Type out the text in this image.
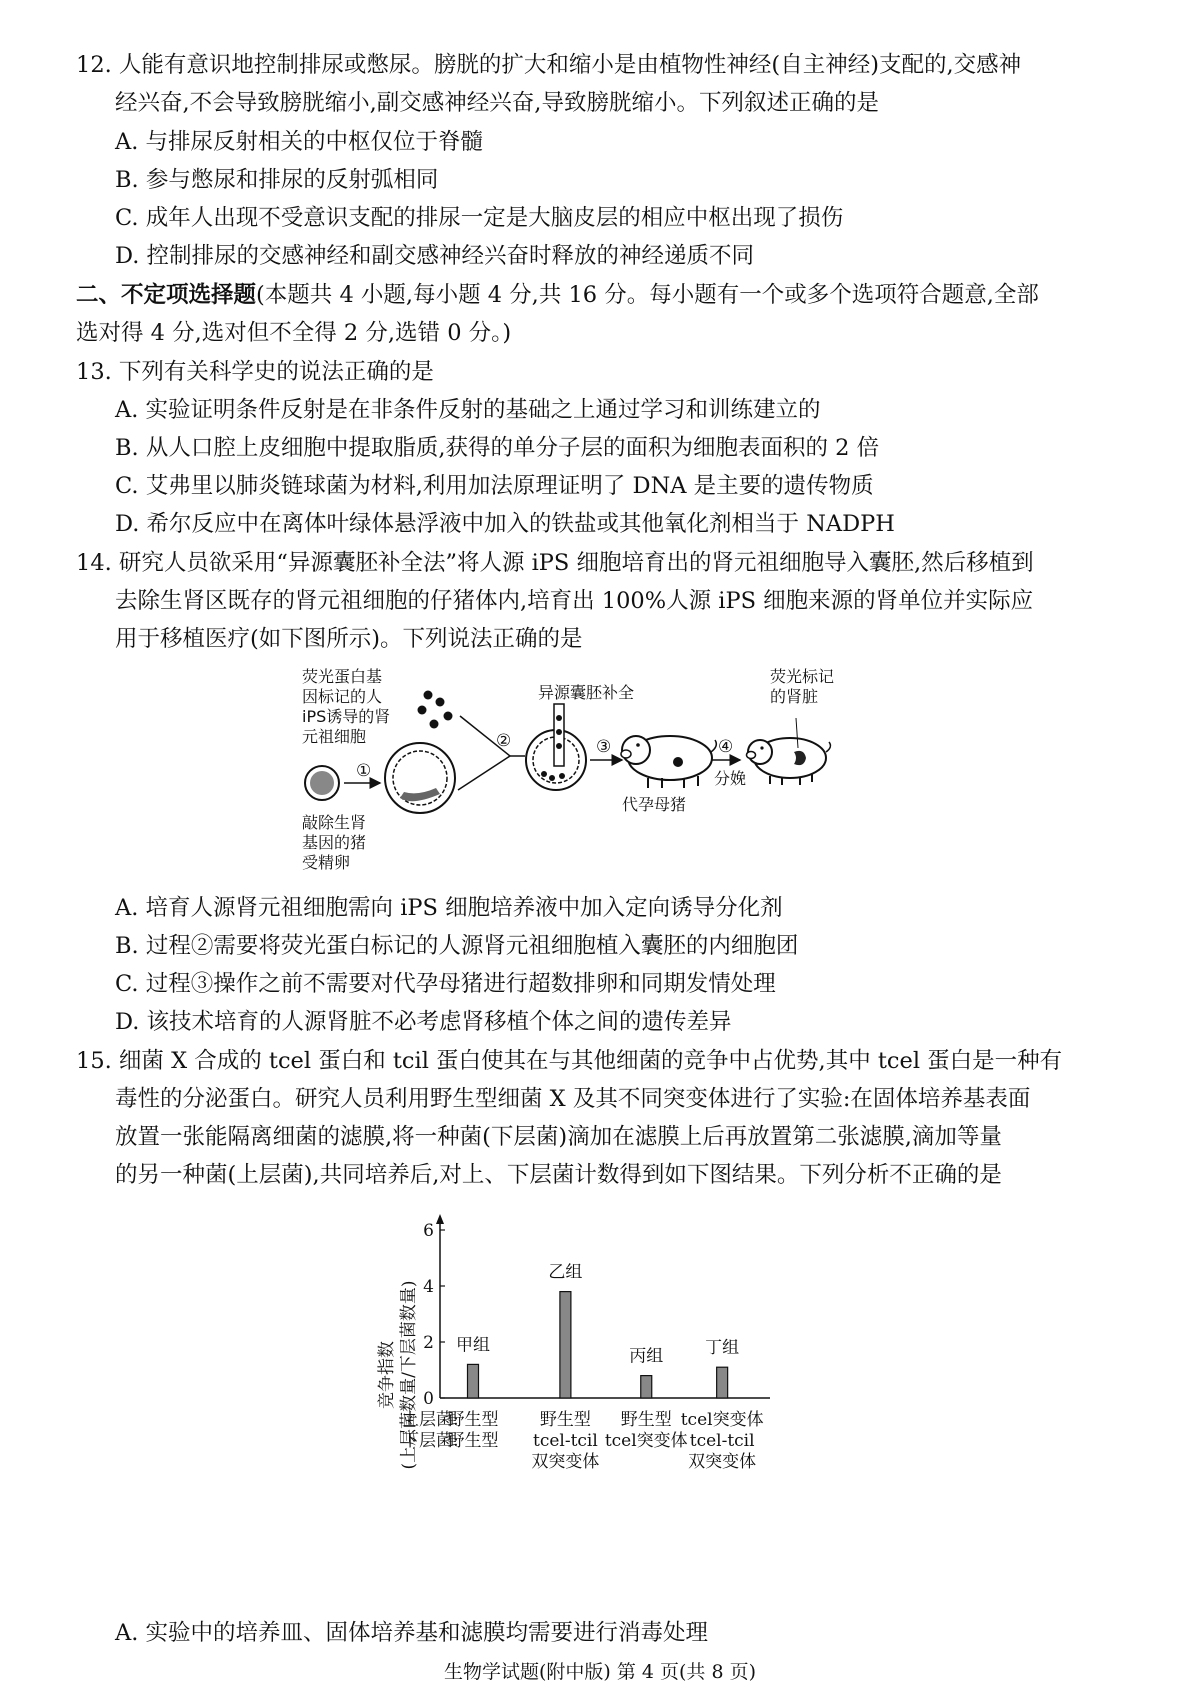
12. 人能有意识地控制排尿或憋尿。膀胱的扩大和缩小是由植物性神经(自主神经)支配的,交感神
经兴奋,不会导致膀胱缩小,副交感神经兴奋,导致膀胱缩小。下列叙述正确的是
A. 与排尿反射相关的中枢仅位于脊髓
B. 参与憋尿和排尿的反射弧相同
C. 成年人出现不受意识支配的排尿一定是大脑皮层的相应中枢出现了损伤
D. 控制排尿的交感神经和副交感神经兴奋时释放的神经递质不同
二、不定项选择题(本题共 4 小题,每小题 4 分,共 16 分。每小题有一个或多个选项符合题意,全部
选对得 4 分,选对但不全得 2 分,选错 0 分。)
13. 下列有关科学史的说法正确的是
A. 实验证明条件反射是在非条件反射的基础之上通过学习和训练建立的
B. 从人口腔上皮细胞中提取脂质,获得的单分子层的面积为细胞表面积的 2 倍
C. 艾弗里以肺炎链球菌为材料,利用加法原理证明了 DNA 是主要的遗传物质
D. 希尔反应中在离体叶绿体悬浮液中加入的铁盐或其他氧化剂相当于 NADPH
14. 研究人员欲采用“异源囊胚补全法”将人源 iPS 细胞培育出的肾元祖细胞导入囊胚,然后移植到
去除生肾区既存的肾元祖细胞的仔猪体内,培育出 100%人源 iPS 细胞来源的肾单位并实际应
用于移植医疗(如下图所示)。下列说法正确的是
荧光蛋白基
因标记的人
iPS诱导的肾
元祖细胞
①
敲除生肾
基因的猪
受精卵
②
异源囊胚补全
③
代孕母猪
④
分娩
荧光标记
的肾脏
A. 培育人源肾元祖细胞需向 iPS 细胞培养液中加入定向诱导分化剂
B. 过程②需要将荧光蛋白标记的人源肾元祖细胞植入囊胚的内细胞团
C. 过程③操作之前不需要对代孕母猪进行超数排卵和同期发情处理
D. 该技术培育的人源肾脏不必考虑肾移植个体之间的遗传差异
15. 细菌 X 合成的 tcel 蛋白和 tcil 蛋白使其在与其他细菌的竞争中占优势,其中 tcel 蛋白是一种有
毒性的分泌蛋白。研究人员利用野生型细菌 X 及其不同突变体进行了实验:在固体培养基表面
放置一张能隔离细菌的滤膜,将一种菌(下层菌)滴加在滤膜上后再放置第二张滤膜,滴加等量
的另一种菌(上层菌),共同培养后,对上、下层菌计数得到如下图结果。下列分析不正确的是
竞争指数 (上层菌数量/下层菌数量) 0
2
4
6
甲组
乙组
丙组 丁组
上层菌:
下层菌:
野生型
野生型
野生型
tcel-tcil
双突变体
野生型
tcel突变体
tcel突变体
tcel-tcil
双突变体
A. 实验中的培养皿、固体培养基和滤膜均需要进行消毒处理
生物学试题(附中版) 第 4 页(共 8 页)
